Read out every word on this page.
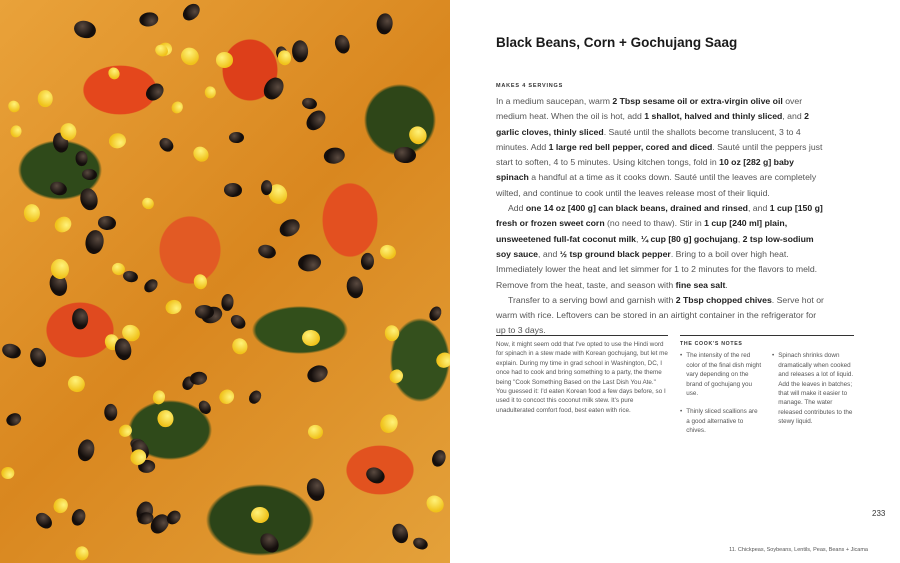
Black Beans, Corn + Gochujang Saag
MAKES 4 SERVINGS

In a medium saucepan, warm 2 Tbsp sesame oil or extra-virgin olive oil over medium heat. When the oil is hot, add 1 shallot, halved and thinly sliced, and 2 garlic cloves, thinly sliced. Sauté until the shallots become translucent, 3 to 4 minutes. Add 1 large red bell pepper, cored and diced. Sauté until the peppers just start to soften, 4 to 5 minutes. Using kitchen tongs, fold in 10 oz [282 g] baby spinach a handful at a time as it cooks down. Sauté until the leaves are completely wilted, and continue to cook until the leaves release most of their liquid.

Add one 14 oz [400 g] can black beans, drained and rinsed, and 1 cup [150 g] fresh or frozen sweet corn (no need to thaw). Stir in 1 cup [240 ml] plain, unsweetened full-fat coconut milk, ¼ cup [80 g] gochujang, 2 tsp low-sodium soy sauce, and ½ tsp ground black pepper. Bring to a boil over high heat. Immediately lower the heat and let simmer for 1 to 2 minutes for the flavors to meld. Remove from the heat, taste, and season with fine sea salt.

Transfer to a serving bowl and garnish with 2 Tbsp chopped chives. Serve hot or warm with rice. Leftovers can be stored in an airtight container in the refrigerator for up to 3 days.

Now, it might seem odd that I've opted to use the Hindi word for spinach in a stew made with Korean gochujang, but let me explain. During my time in grad school in Washington, DC, I once had to cook and bring something to a party, the theme being "Cook Something Based on the Last Dish You Ate." You guessed it: I'd eaten Korean food a few days before, so I used it to concoct this coconut milk stew. It's pure unadulterated comfort food, best eaten with rice.
THE COOK'S NOTES
• The intensity of the red color of the final dish might vary depending on the brand of gochujang you use.
• Thinly sliced scallions are a good alternative to chives.
• Spinach shrinks down dramatically when cooked and releases a lot of liquid. Add the leaves in batches; that will make it easier to manage. The water released contributes to the stewy liquid.
233
11. Chickpeas, Soybeans, Lentils, Peas, Beans + Jicama
